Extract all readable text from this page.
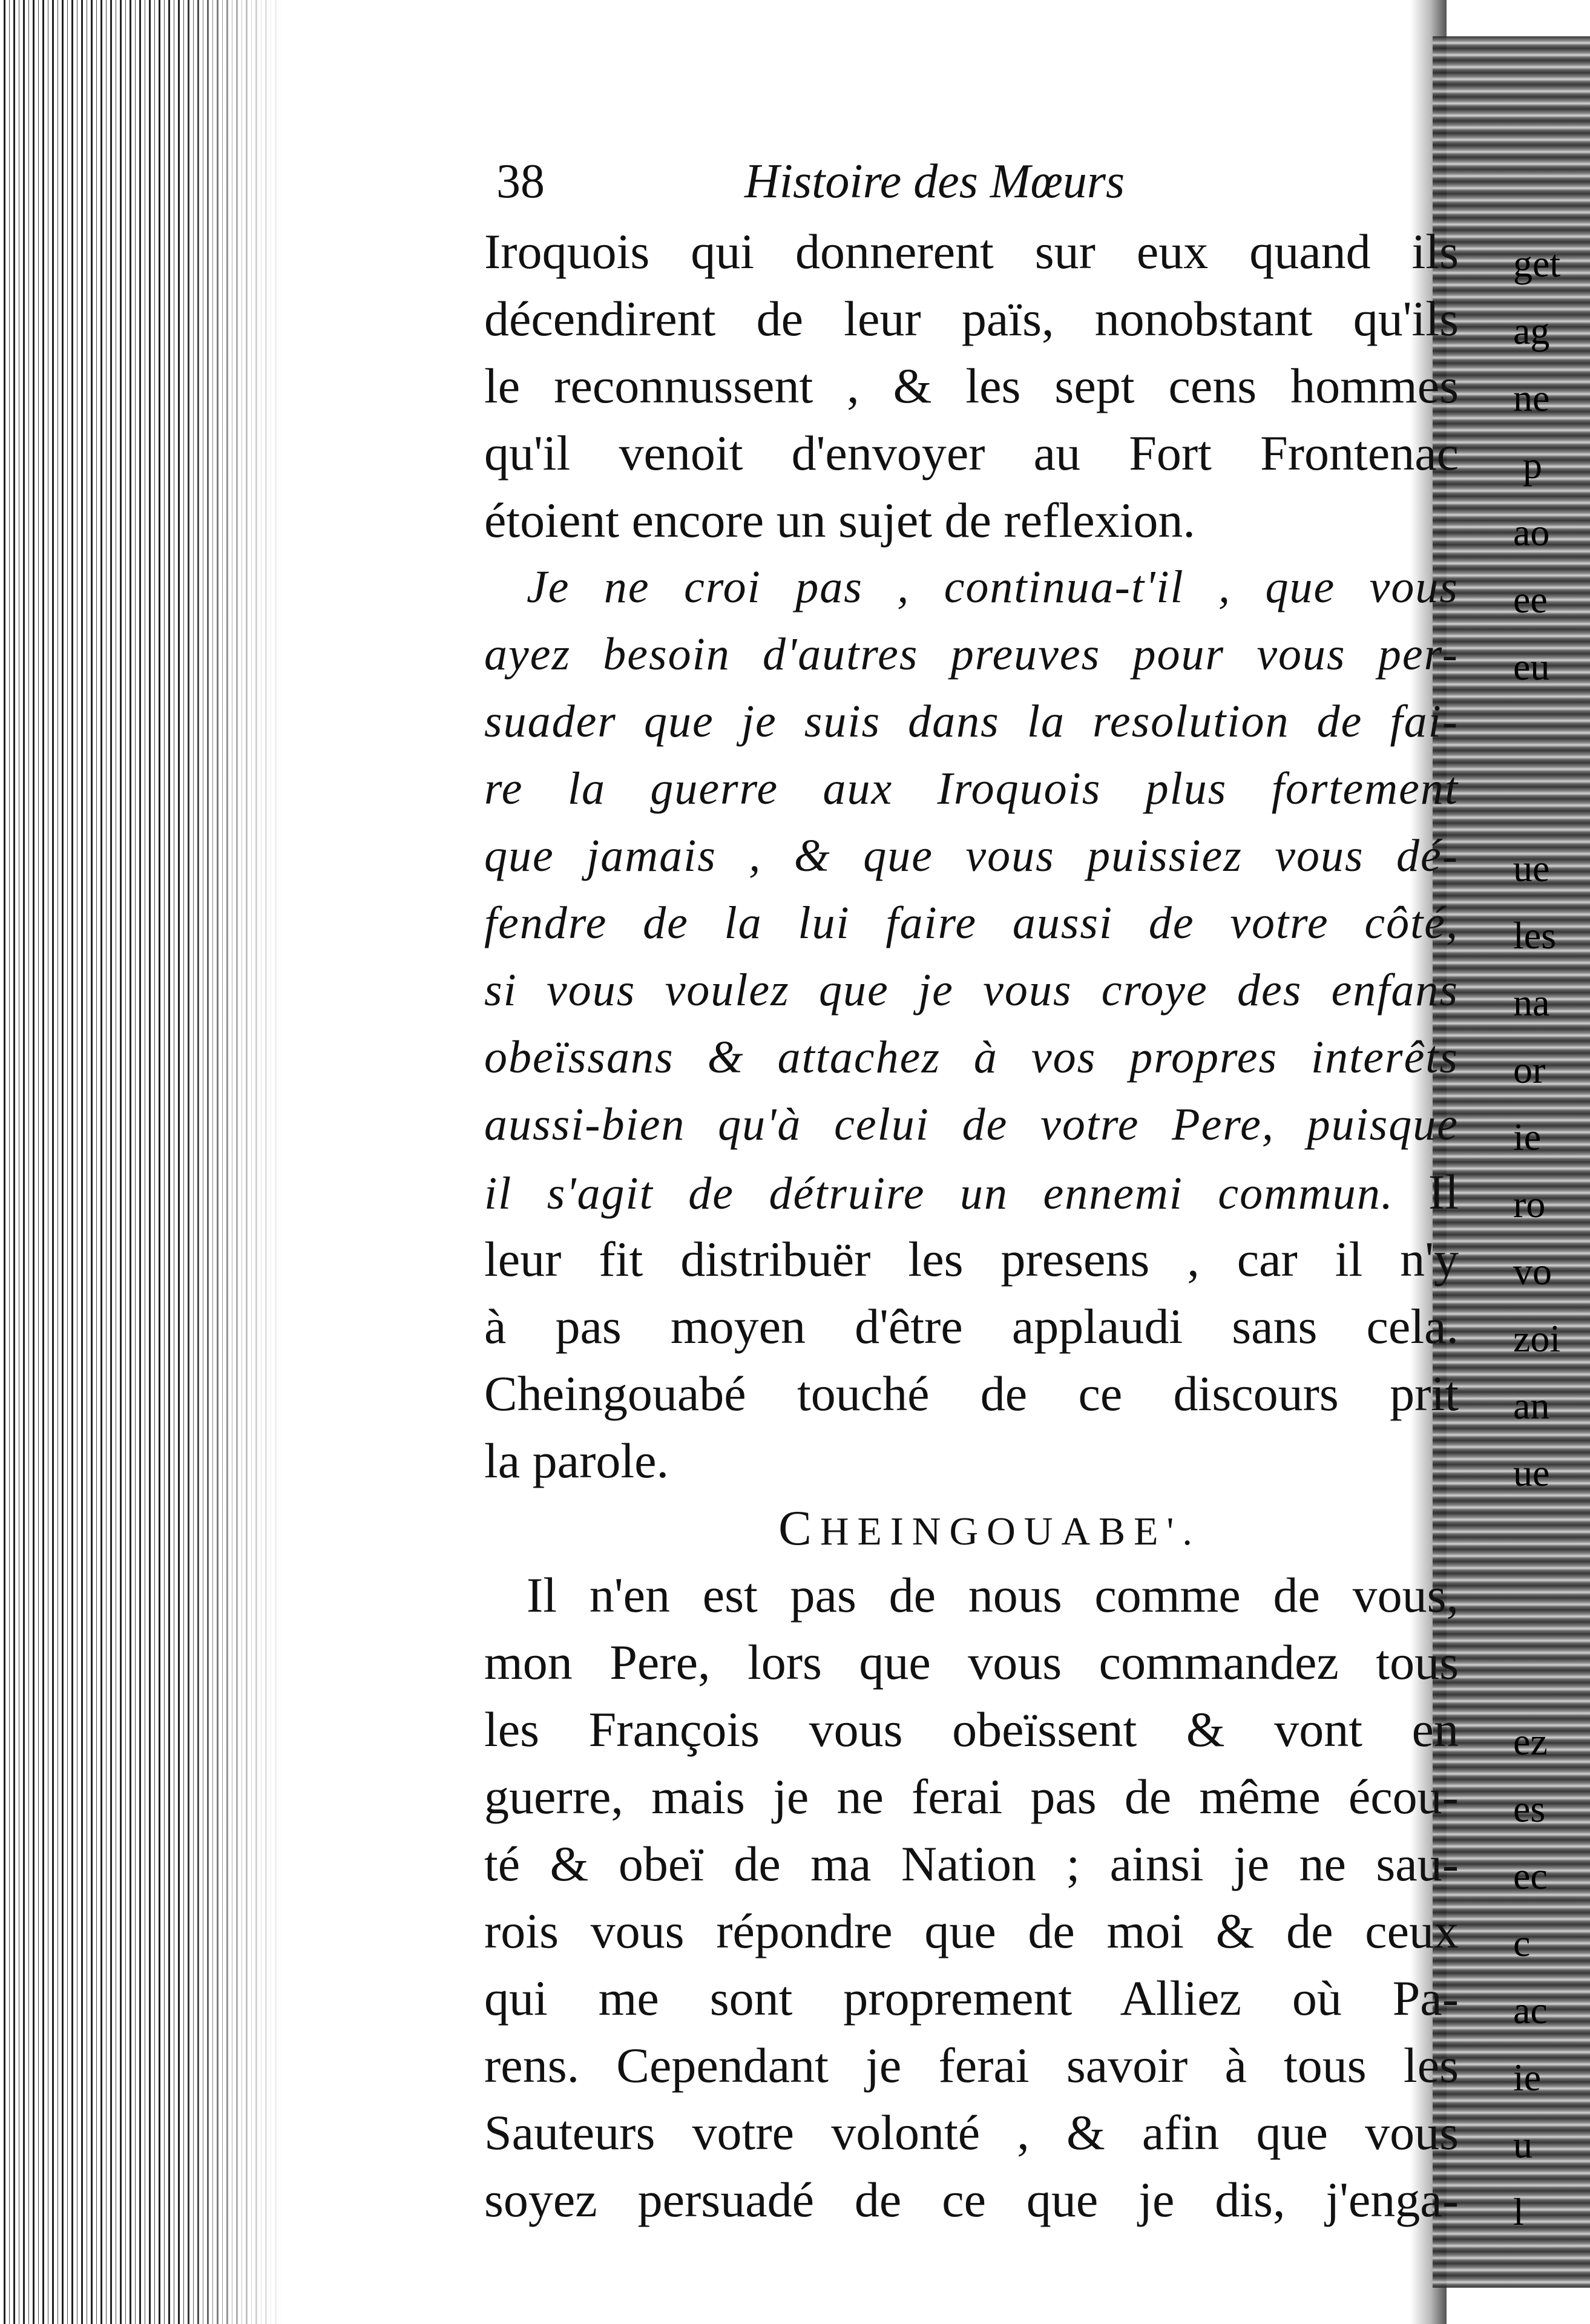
get
ag
ne
p
ao
ee
eu

ue
les
na
or
ie
ro
vo
zoi
an
ue

ez
es
ec
c
ac
ie
u
l
38	Histoire des Mœurs
Iroquois qui donnerent sur eux quand ils
décendirent de leur païs, nonobstant qu'ils
le reconnussent , & les sept cens hommes
qu'il venoit d'envoyer au Fort Frontenac
étoient encore un sujet de reflexion.
Je ne croi pas , continua-t'il , que vous
ayez besoin d'autres preuves pour vous per-
suader que je suis dans la resolution de fai-
re la guerre aux Iroquois plus fortement
que jamais , & que vous puissiez vous dé-
fendre de la lui faire aussi de votre côté,
si vous voulez que je vous croye des enfans
obeïssans & attachez à vos propres interêts
aussi-bien qu'à celui de votre Pere, puisque
il s'agit de détruire un ennemi commun. Il
leur fit distribuër les presens , car il n'y
à pas moyen d'être applaudi sans cela.
Cheingouabé touché de ce discours prit
la parole.
CHEINGOUABE'.
Il n'en est pas de nous comme de vous,
mon Pere, lors que vous commandez tous
les François vous obeïssent & vont en
guerre, mais je ne ferai pas de même écou-
té & obeï de ma Nation ; ainsi je ne sau-
rois vous répondre que de moi & de ceux
qui me sont proprement Alliez où Pa-
rens. Cependant je ferai savoir à tous les
Sauteurs votre volonté , & afin que vous
soyez persuadé de ce que je dis, j'enga-
